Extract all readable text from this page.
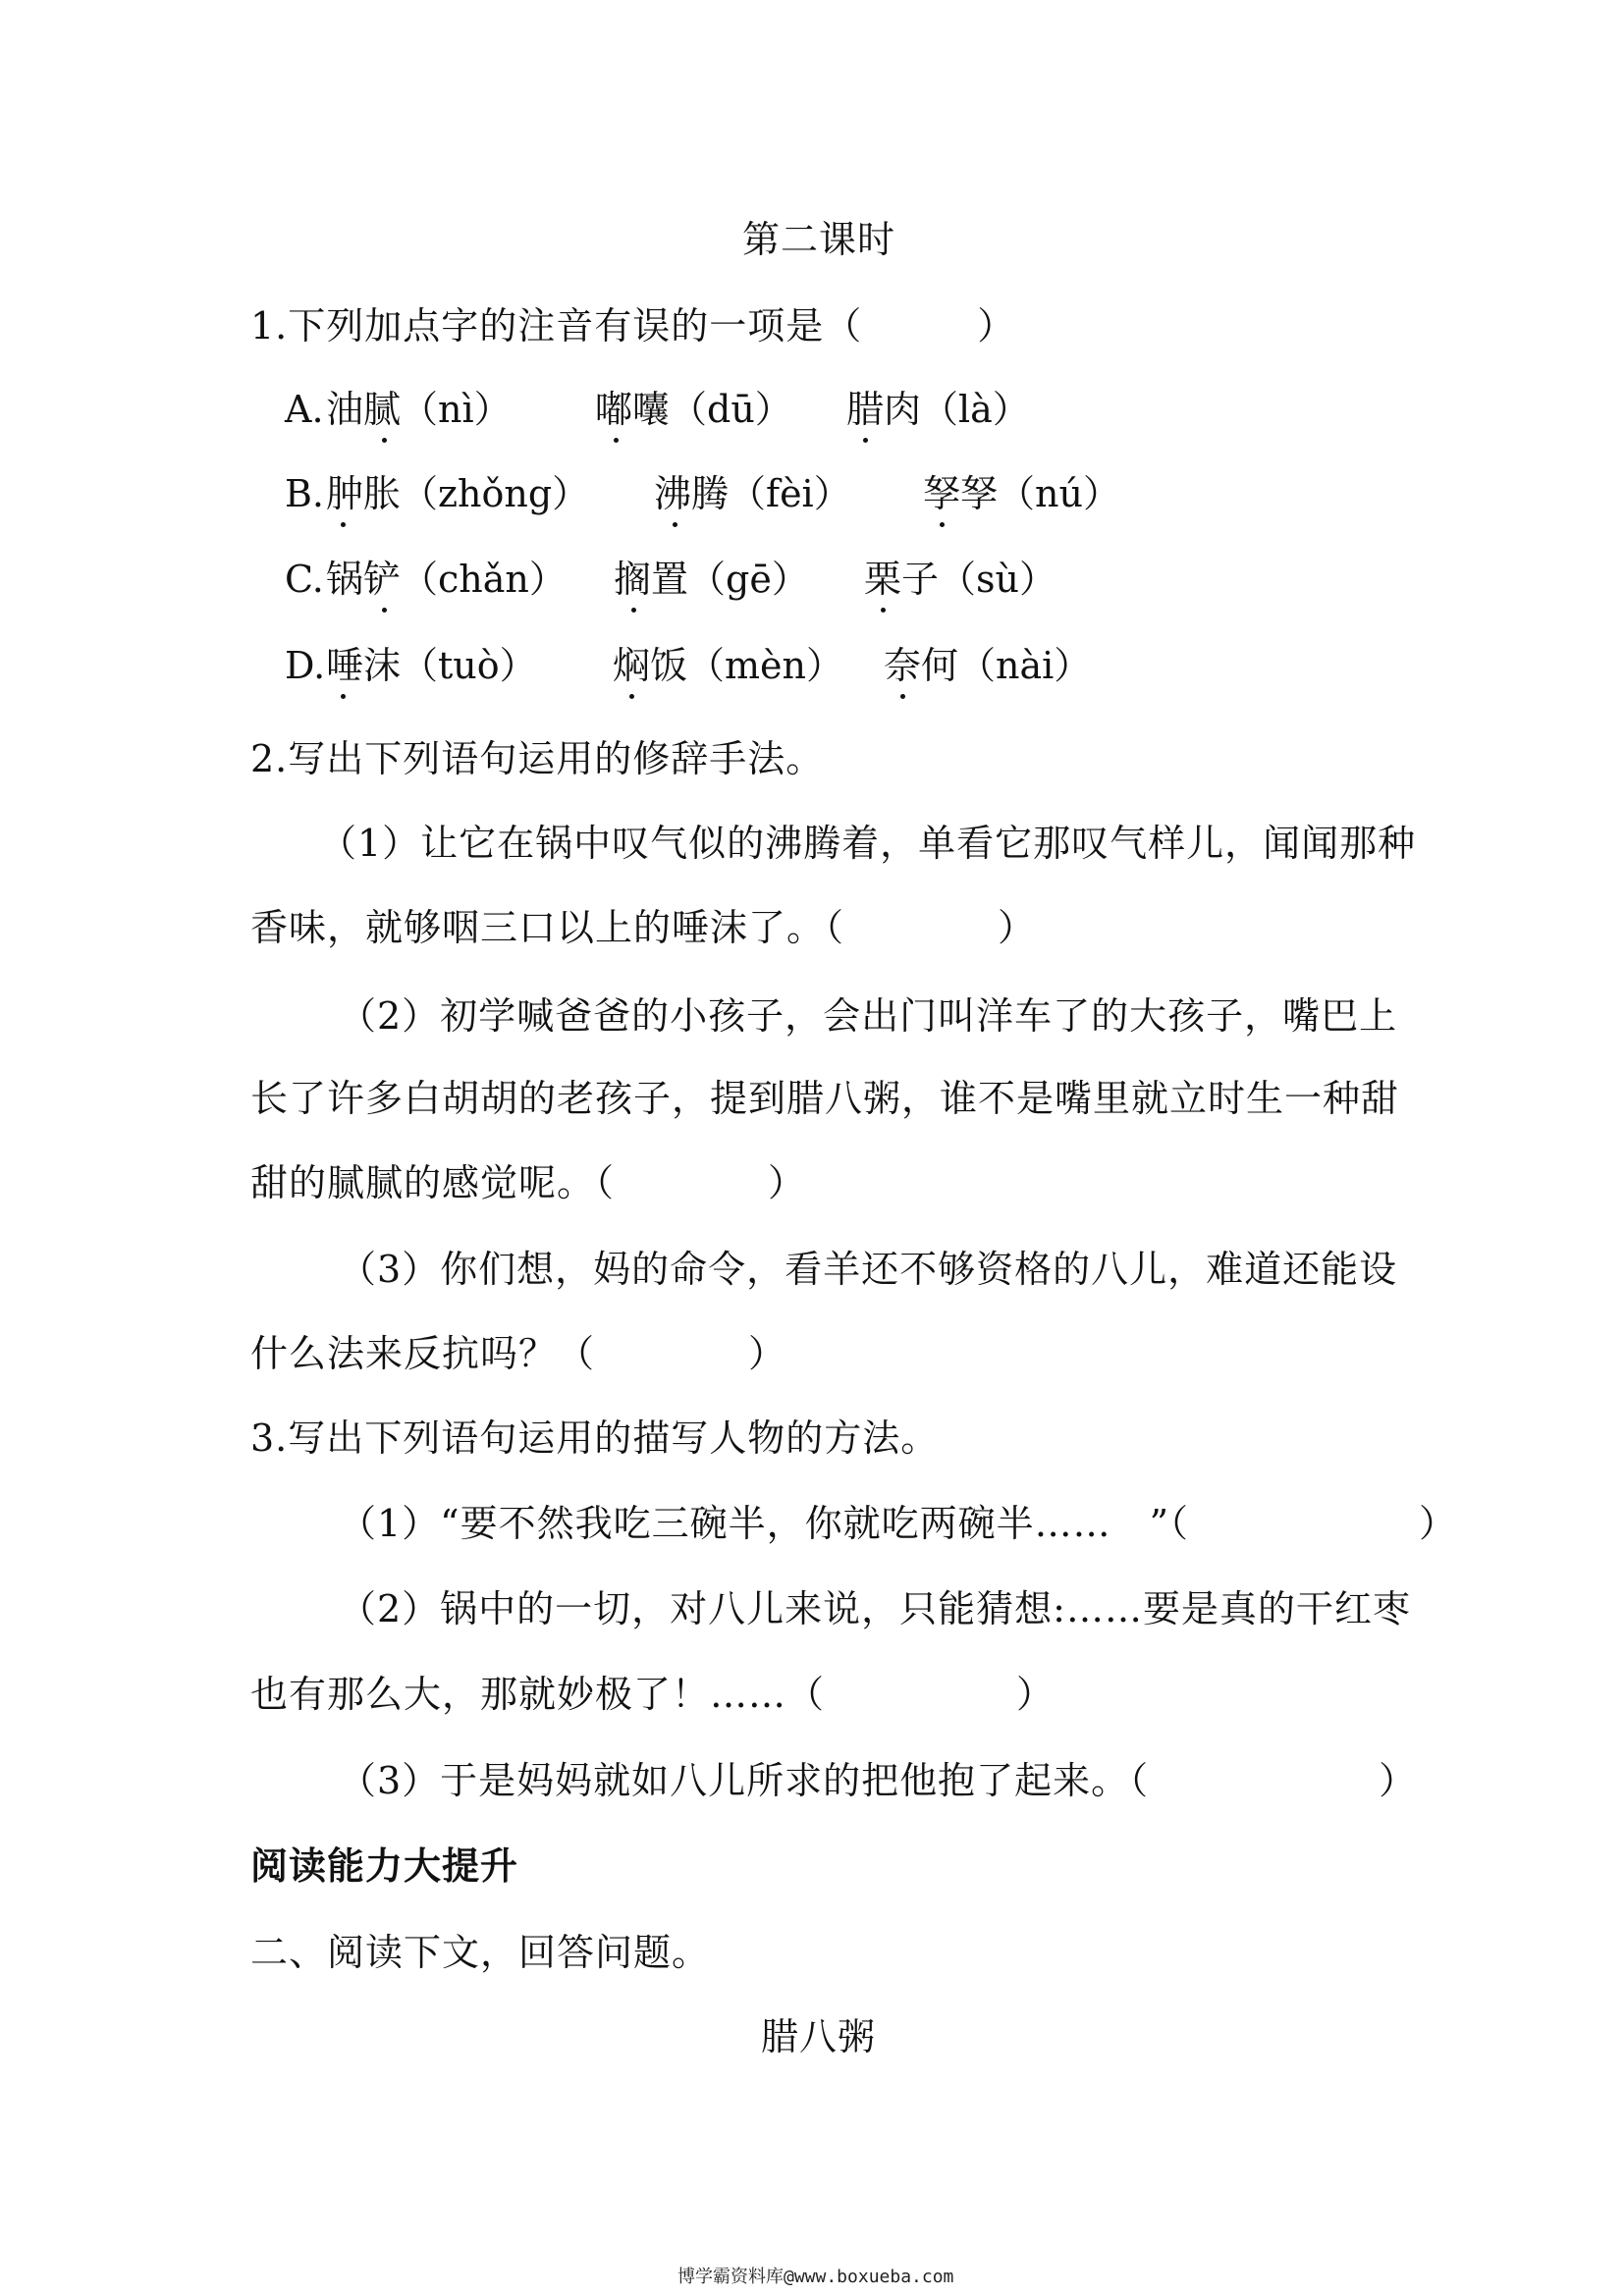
第二课时
1.下列加点字的注音有误的一项是（　　　）
A. 油腻（nì） 嘟囔（dū） 腊肉（là）
B. 肿胀（zhǒng） 沸腾（fèi） 孥孥（nú）
C. 锅铲（chǎn） 搁置（gē） 栗子（sù）
D. 唾沫（tuò） 焖饭（mèn） 奈何（nài）
2.写出下列语句运用的修辞手法。
（1）让它在锅中叹气似的沸腾着，单看它那叹气样儿，闻闻那种
香味，就够咽三口以上的唾沫了。（　　　　）
（2）初学喊爸爸的小孩子，会出门叫洋车了的大孩子，嘴巴上
长了许多白胡胡的老孩子，提到腊八粥，谁不是嘴里就立时生一种甜
甜的腻腻的感觉呢。（　　　　）
（3）你们想，妈的命令，看羊还不够资格的八儿，难道还能设
什么法来反抗吗？（　　　　）
3.写出下列语句运用的描写人物的方法。
（1）“要不然我吃三碗半，你就吃两碗半……　”（　　　　　　）
（2）锅中的一切，对八儿来说，只能猜想:……要是真的干红枣
也有那么大，那就妙极了！……（　　　　　）
（3）于是妈妈就如八儿所求的把他抱了起来。（　　　　　　）
阅读能力大提升
二、阅读下文，回答问题。
腊八粥
博学霸资料库@www.boxueba.com
